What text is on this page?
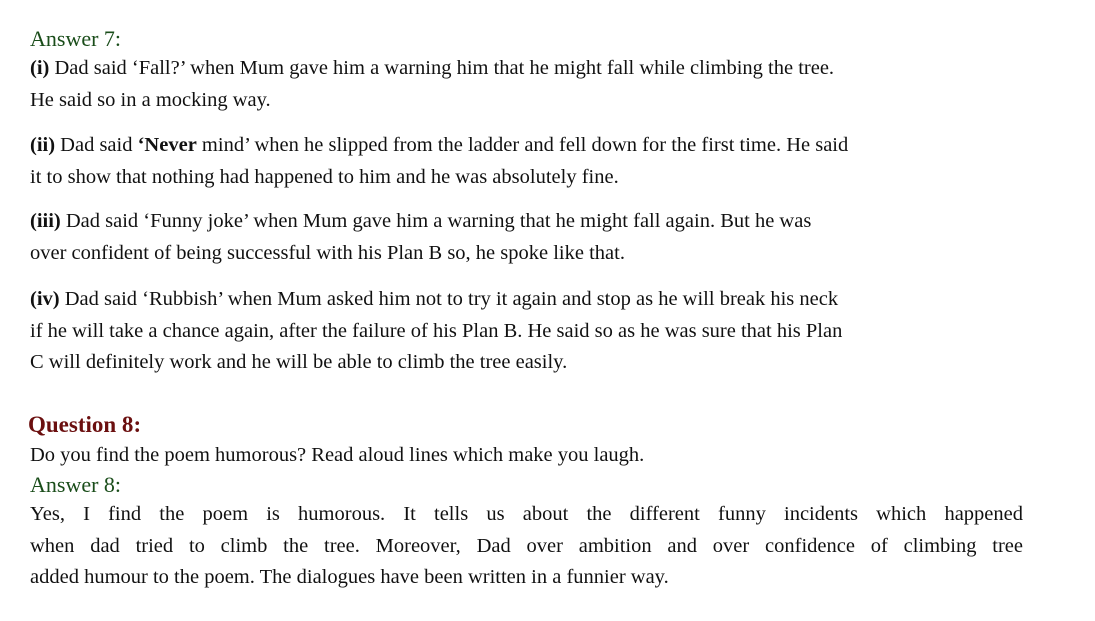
Answer 7:
(i) Dad said ‘Fall?’ when Mum gave him a warning him that he might fall while climbing the tree.
He said so in a mocking way.
(ii) Dad said ‘Never mind’ when he slipped from the ladder and fell down for the first time. He said
it to show that nothing had happened to him and he was absolutely fine.
(iii) Dad said ‘Funny joke’ when Mum gave him a warning that he might fall again. But he was
over confident of being successful with his Plan B so, he spoke like that.
(iv) Dad said ‘Rubbish’ when Mum asked him not to try it again and stop as he will break his neck
if he will take a chance again, after the failure of his Plan B. He said so as he was sure that his Plan
C will definitely work and he will be able to climb the tree easily.
Question 8:
Do you find the poem humorous? Read aloud lines which make you laugh.
Answer 8:
Yes, I find the poem is humorous. It tells us about the different funny incidents which happened
when dad tried to climb the tree. Moreover, Dad over ambition and over confidence of climbing tree
added humour to the poem. The dialogues have been written in a funnier way.
